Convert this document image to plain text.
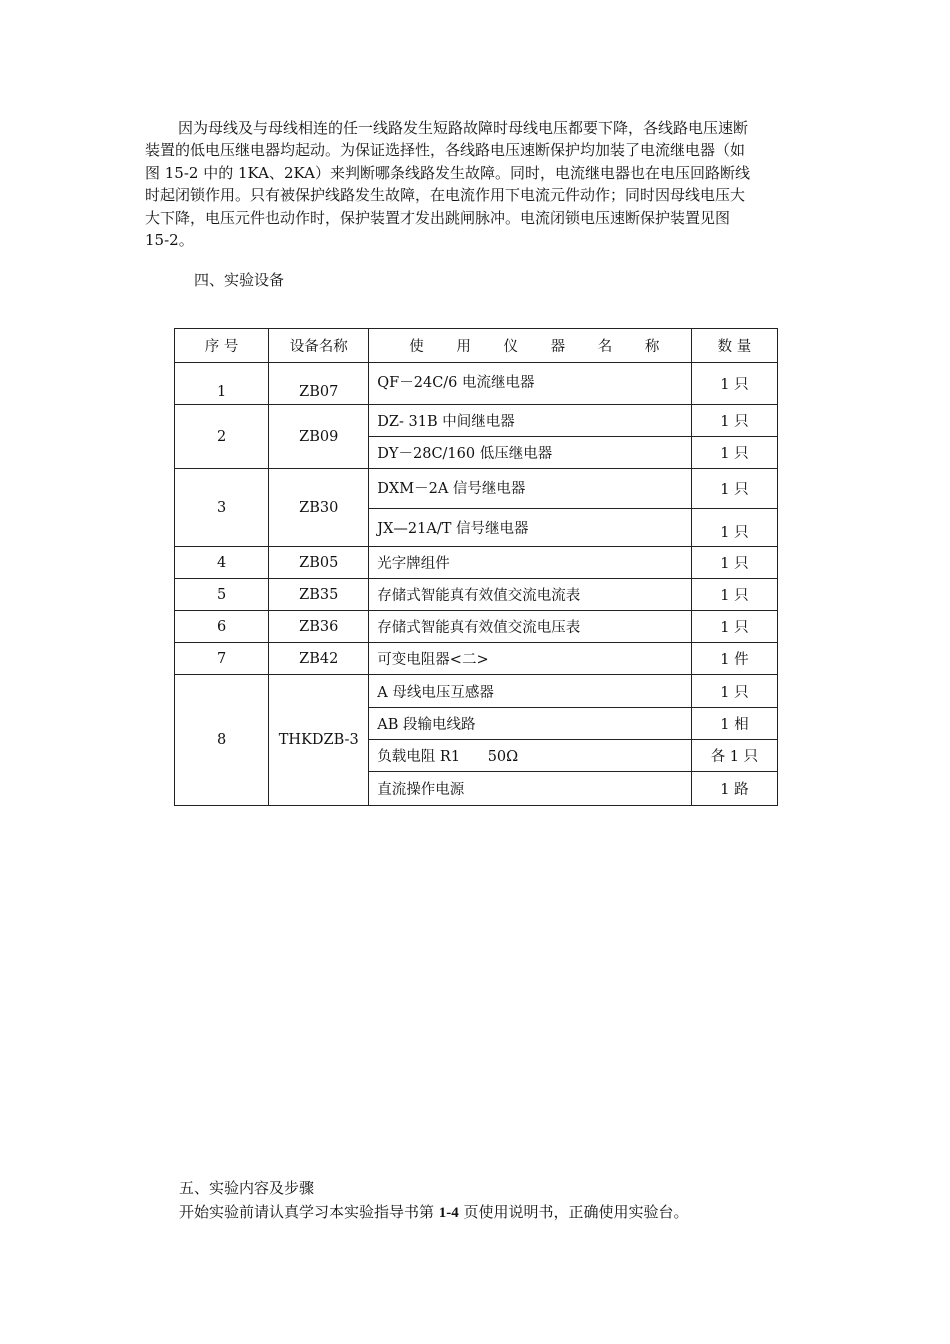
因为母线及与母线相连的任一线路发生短路故障时母线电压都要下降，各线路电压速断
装置的低电压继电器均起动。为保证选择性，各线路电压速断保护均加装了电流继电器（如
图 15-2 中的 1KA、2KA）来判断哪条线路发生故障。同时，电流继电器也在电压回路断线
时起闭锁作用。只有被保护线路发生故障，在电流作用下电流元件动作；同时因母线电压大
大下降，电压元件也动作时，保护装置才发出跳闸脉冲。电流闭锁电压速断保护装置见图
15-2。
四、实验设备
序 号	设备名称	使 用 仪 器 名 称	数 量
1	ZB07	QF－24C/6 电流继电器	1 只
2	ZB09	DZ- 31B 中间继电器	1 只
		DY－28C/160 低压继电器	1 只
3	ZB30	DXM－2A 信号继电器	1 只
		JX—21A/T 信号继电器	1 只
4	ZB05	光字牌组件	1 只
5	ZB35	存储式智能真有效值交流电流表	1 只
6	ZB36	存储式智能真有效值交流电压表	1 只
7	ZB42	可变电阻器<二>	1 件
8	THKDZB-3	A 母线电压互感器	1 只
		AB 段输电线路	1 相
		负载电阻 R1      50Ω	各 1 只
		直流操作电源	1 路
五、实验内容及步骤
开始实验前请认真学习本实验指导书第 1-4 页使用说明书，正确使用实验台。
